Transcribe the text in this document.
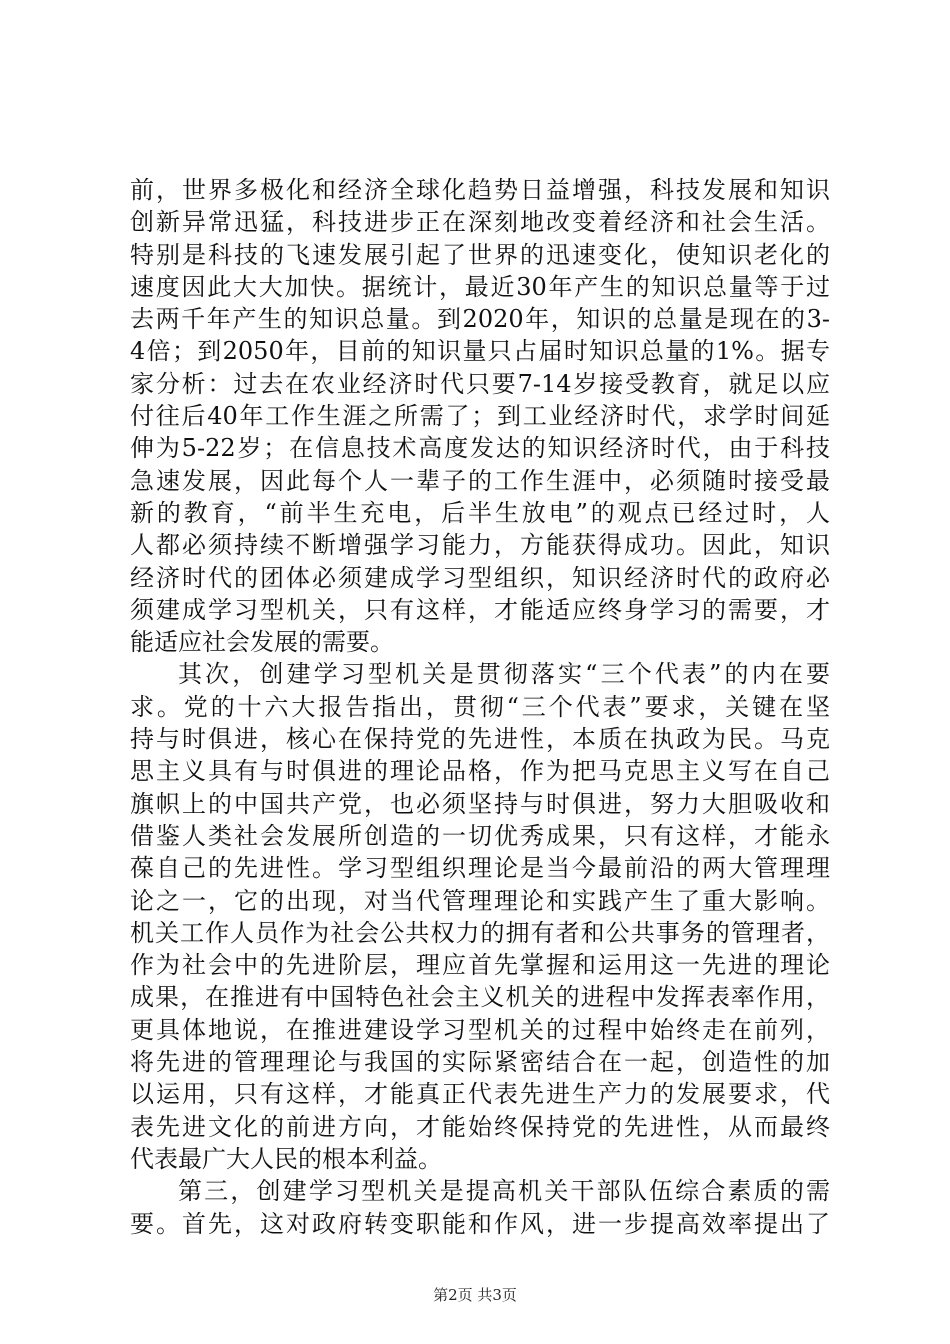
前，世界多极化和经济全球化趋势日益增强，科技发展和知识
创新异常迅猛，科技进步正在深刻地改变着经济和社会生活。
特别是科技的飞速发展引起了世界的迅速变化，使知识老化的
速度因此大大加快。据统计，最近30年产生的知识总量等于过
去两千年产生的知识总量。到2020年，知识的总量是现在的3-
4倍；到2050年，目前的知识量只占届时知识总量的1%。据专
家分析：过去在农业经济时代只要7-14岁接受教育，就足以应
付往后40年工作生涯之所需了；到工业经济时代，求学时间延
伸为5-22岁；在信息技术高度发达的知识经济时代，由于科技
急速发展，因此每个人一辈子的工作生涯中，必须随时接受最
新的教育，“前半生充电，后半生放电”的观点已经过时，人
人都必须持续不断增强学习能力，方能获得成功。因此，知识
经济时代的团体必须建成学习型组织，知识经济时代的政府必
须建成学习型机关，只有这样，才能适应终身学习的需要，才
能适应社会发展的需要。
其次，创建学习型机关是贯彻落实“三个代表”的内在要
求。党的十六大报告指出，贯彻“三个代表”要求，关键在坚
持与时俱进，核心在保持党的先进性，本质在执政为民。马克
思主义具有与时俱进的理论品格，作为把马克思主义写在自己
旗帜上的中国共产党，也必须坚持与时俱进，努力大胆吸收和
借鉴人类社会发展所创造的一切优秀成果，只有这样，才能永
葆自己的先进性。学习型组织理论是当今最前沿的两大管理理
论之一，它的出现，对当代管理理论和实践产生了重大影响。
机关工作人员作为社会公共权力的拥有者和公共事务的管理者，
作为社会中的先进阶层，理应首先掌握和运用这一先进的理论
成果，在推进有中国特色社会主义机关的进程中发挥表率作用，
更具体地说，在推进建设学习型机关的过程中始终走在前列，
将先进的管理理论与我国的实际紧密结合在一起，创造性的加
以运用，只有这样，才能真正代表先进生产力的发展要求，代
表先进文化的前进方向，才能始终保持党的先进性，从而最终
代表最广大人民的根本利益。
第三，创建学习型机关是提高机关干部队伍综合素质的需
要。首先，这对政府转变职能和作风，进一步提高效率提出了
第2页 共3页
